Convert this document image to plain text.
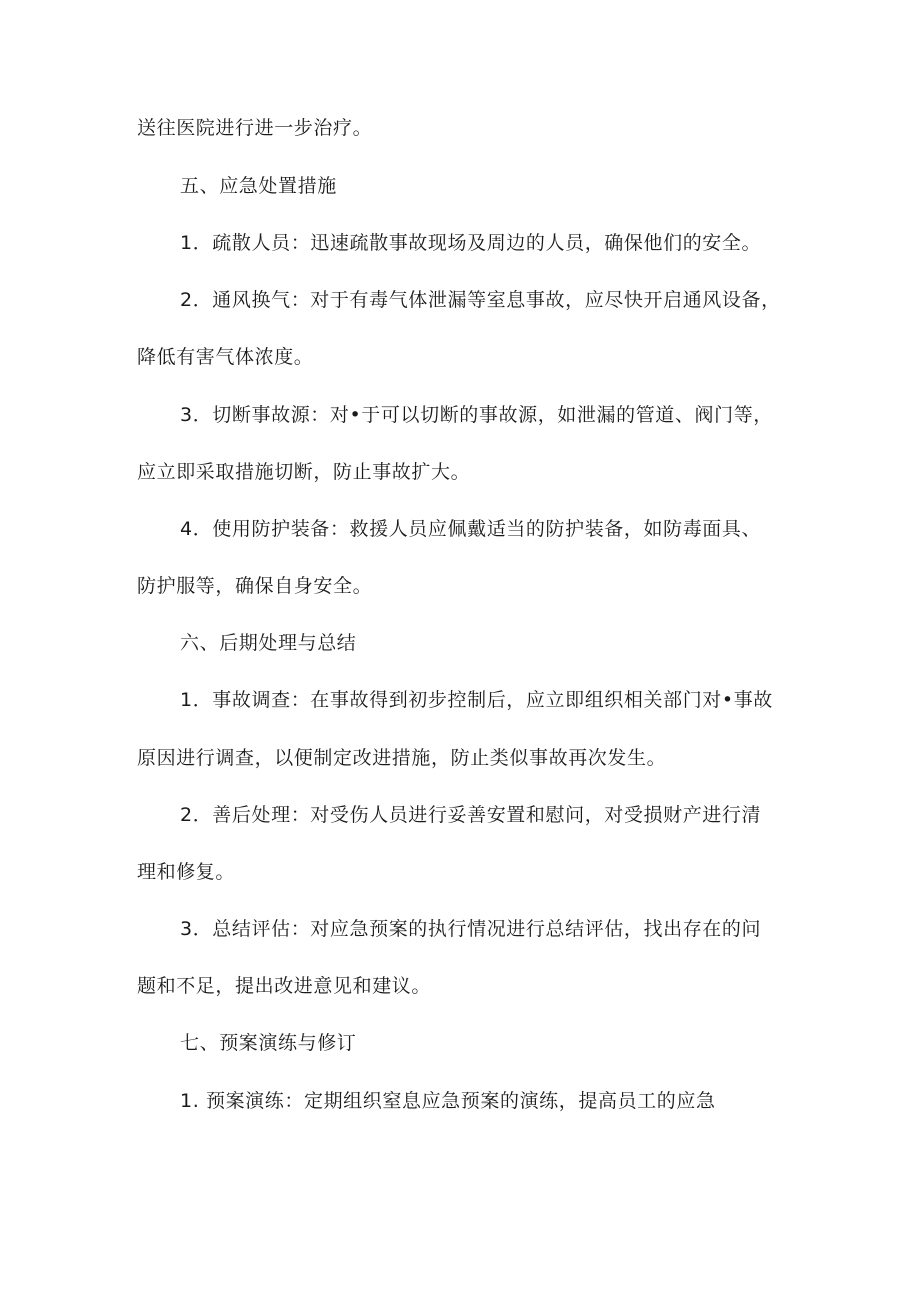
送往医院进行进一步治疗。
五、应急处置措施
1．疏散人员：迅速疏散事故现场及周边的人员，确保他们的安全。
2．通风换气：对于有毒气体泄漏等室息事故，应尽快开启通风设备，
降低有害气体浓度。
3．切断事故源：对•于可以切断的事故源，如泄漏的管道、阀门等，
应立即采取措施切断，防止事故扩大。
4．使用防护装备：救援人员应佩戴适当的防护装备，如防毒面具、
防护服等，确保自身安全。
六、后期处理与总结
1．事故调查：在事故得到初步控制后，应立即组织相关部门对•事故
原因进行调查，以便制定改进措施，防止类似事故再次发生。
2．善后处理：对受伤人员进行妥善安置和慰问，对受损财产进行清
理和修复。
3．总结评估：对应急预案的执行情况进行总结评估，找出存在的问
题和不足，提出改进意见和建议。
七、预案演练与修订
1. 预案演练：定期组织窒息应急预案的演练，提高员工的应急
